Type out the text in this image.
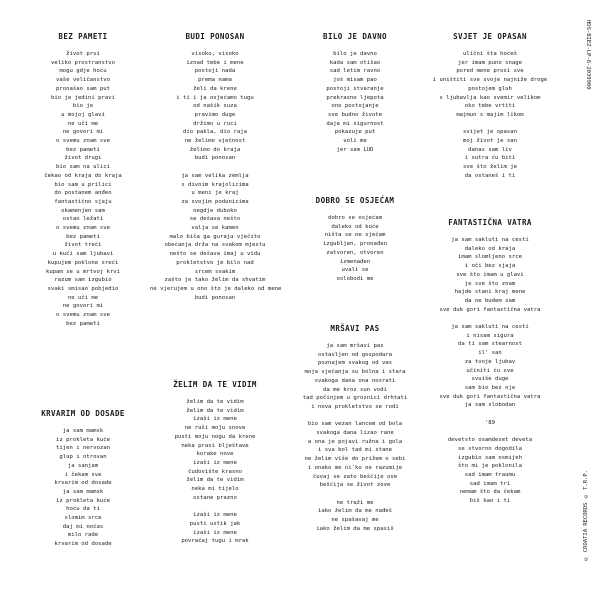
BEZ PAMETI
život prvi
veliko prostranstvo
mogu gdje hoću
vaše veličanstvo
pronašao sam put
bio je jedini pravi
bio je
u mojoj glavi
ne učí me
ne govori mi
o svemu znam sve
bez pameti
život drugi
bio sam na ulici
čekao od kraja do kraja
bio sam u prilici
do postanem anđeo
fantastično sjaju
okamenjen sam
ostao ležati
o svemu znam sve
bez pameti
život treći
u kući sam ljubavi
kupujem poklone sreći
kupam se u mrtvoj krvi
razum sam izgubio
svaki smisao pobjedio
ne uči me
ne govori mi
o svemu znam sve
bez pameti
KRVARIM OD DOSADE
ja sam mamsk
iz prokleta kuće
tijen i nervozan
glup i otrovan
ja sanjam
i čekam sve
krvarim od dosade
ja sam mamsk
iz prokleta kuće
hoću da ti
slomim srce
daj mi noćas
milo rade
krvarim od dosade
BUDI PONOSAN
visoko, visoko
iznad tebe i mene
postoji nada
prema nama
želi da krene
i ti i ja osjećamo tugu
od našik suza
pravimo duge
držimo u ruci
dio pakla, dio raja
ne želimo vječnost
želimo do kraja
budi ponosan
ja sam velika zemlja
s divnim krajolicima
u meni je kraj
za svojim podunicima
negdje duboko
se dešava nešto
valja se kamen
malo biča ga guraju vječito
obećanja drža na svakom mjestu
nešto se dešava imaj u vidu
prokletstvo je bilo nad
srcem svakim
zašto je tako želim da shvatim
ne vjerujem u ono što je daleko od mene
budi ponosan
ŽELIM DA TE VIDIM
želim da te vidim
želim da te vidim
izaši iz mene
ne ruši moju snove
pusti moju nogu da krene
neka prasi blještave
korake nove
izaši iz mene
čudovište krasno
želim da te vidim
neka mi tijelo
ostane prazno
izaši iz mene
pusti ustik jak
izaši iz mene
povraćaj tugu i mrak
BILO JE DAVNO
bilo je davno
kada sam otišao
sad letim ravno
još misam pao
postoji stvaranje
prekrasno ljepota
ono postojanje
sve budno živote
daje mi sigurnost
pokazuje put
voli me
jer sam LUD
DOBRO SE OSJEĆAM
dobro se osjećam
daleko od kuće
ništa se ne sjećam
izgubljen, pronađen
zatvoren, otvoren
izmenađen
uvali se
oslobodi me
MRŠAVI PAS
ja sam mršavi pas
ostavljen od gospodara
poznajem svakog od vas
moja sjećanja su bolna i stara
svakoga dana ona nosrati
da me kroz sun vodi
tad počinjem u groznici drhtati
i nova prokletstvo se rodi
bio sam vezan lancem od bola
svakoga dana lizao rane
a ona je pojavi ružna i gola
i sva bol tad mi stane
ne želim više do prižem o sebi
i onako me ni'ko ne razumije
čuvaj se zato bešćije ove
bešćija se život zove
ne traži me
iako želim da me nađeš
ne spašavaj me
iako želim da me spasiš
SVJET JE OPASAN
ulični šta hoćeš
jer imam puno snage
pored mene prosi sve
i uništiti sve svoje najniže droge
postojem gluh
s ljubavlja kao svemir velikom
oko tebe vrtiti
majmun s majim likom
svijet je opasan
moj život je san
danas sam liv
i sutra ću biti
sve što želim je
da ostaneš i ti
FANTASTIČNA VATRA
ja sam sakluti na cesti
daleko od kraja
imam slomljeno srce
i oči bez sjaja
sve što imam u glavi
je sve što znam
hajde stani kraj mene
da ne budem sam
sve duk gori fantastična vatra
ja sam sakluti na cesti
i nisam sigura
da ti sam stearnost
il' san
za tvoje ljubav
učiniti ću sve
svuiše duge
sam bio bez nje
sve duk gori fantastična vatra
ja sam slobodan
'89
devetsto osamdeset deveta
se stvorno dogodila
izgubio sam osmijeh
što mi je poklonila
sad imam traumu
sad imam tri
nemam što da čekam
biš kao i ti
HDS-BIEZ-LP-6-2039900
© CROATIA RECORDS © T.R.P.
